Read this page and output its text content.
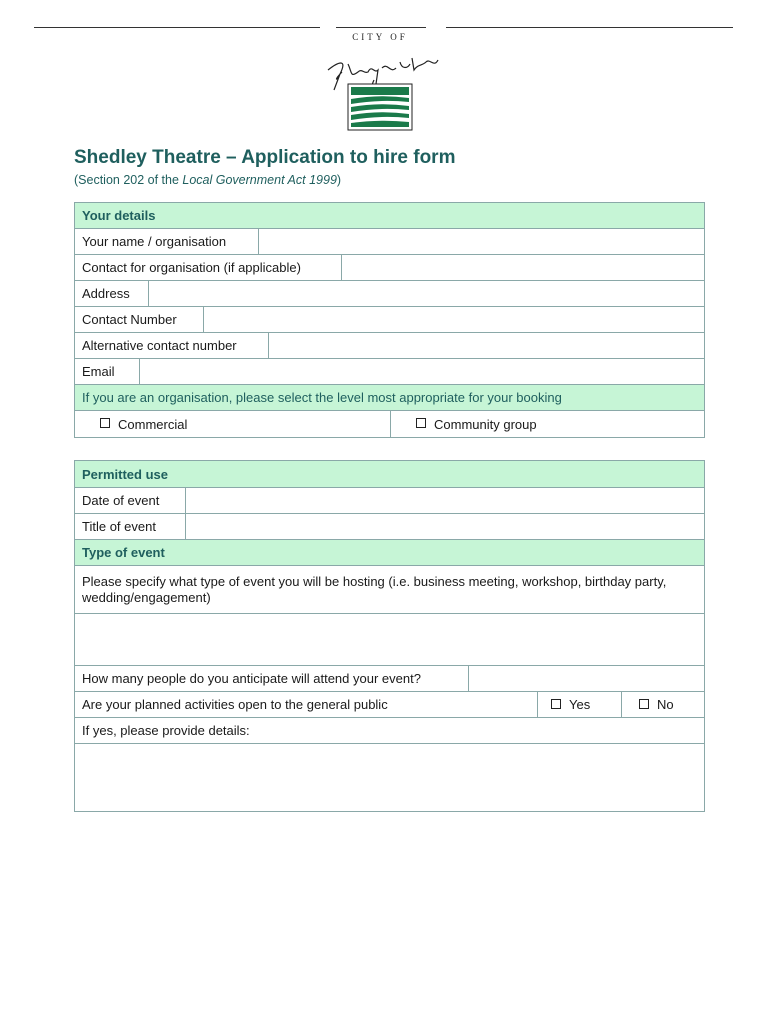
CITY OF
Shedley Theatre – Application to hire form
(Section 202 of the Local Government Act 1999)
Your details
Your name / organisation
Contact for organisation (if applicable)
Address
Contact Number
Alternative contact number
Email
If you are an organisation, please select the level most appropriate for your booking
Commercial	Community group
Permitted use
Date of event
Title of event
Type of event
Please specify what type of event you will be hosting (i.e. business meeting, workshop, birthday party, wedding/engagement)
How many people do you anticipate will attend your event?
Are your planned activities open to the general public	Yes	No
If yes, please provide details:
